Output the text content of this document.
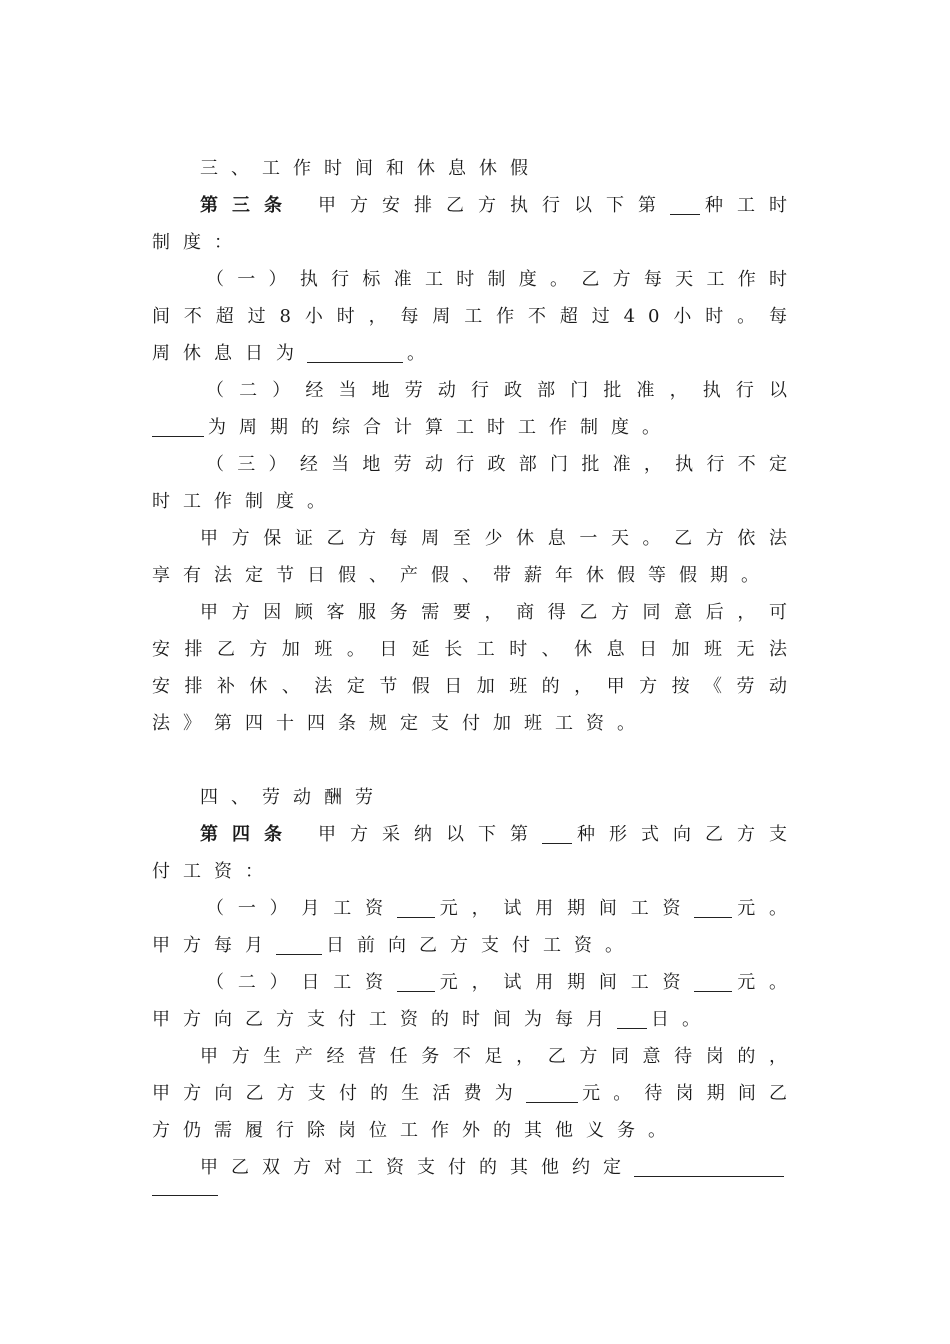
三、工作时间和休息休假

第三条 甲方安排乙方执行以下第 种工时制度：

（一）执行标准工时制度。乙方每天工作时间不超过8小时，每周工作不超过40小时。每周休息日为	。

（二）经当地劳动行政部门批准，执行以为周期的综合计算工时工作制度。

（三）经当地劳动行政部门批准，执行不定时工作制度。

甲方保证乙方每周至少休息一天。乙方依法享有法定节日假、产假、带薪年休假等假期。

甲方因顾客服务需要，商得乙方同意后，可安排乙方加班。日延长工时、休息日加班无法安排补休、法定节假日加班的，甲方按《劳动法》第四十四条规定支付加班工资。

四、劳动酬劳

第四条 甲方采纳以下第 种形式向乙方支付工资：

（一）月工资 元，试用期间工资 元。甲方每月	日前向乙方支付工资。

（二）日工资 元，试用期间工资 元。甲方向乙方支付工资的时间为每月 日。

甲方生产经营任务不足，乙方同意待岗的，甲方向乙方支付的生活费为	元。待岗期间乙方仍需履行除岗位工作外的其他义务。

甲乙双方对工资支付的其他约定
